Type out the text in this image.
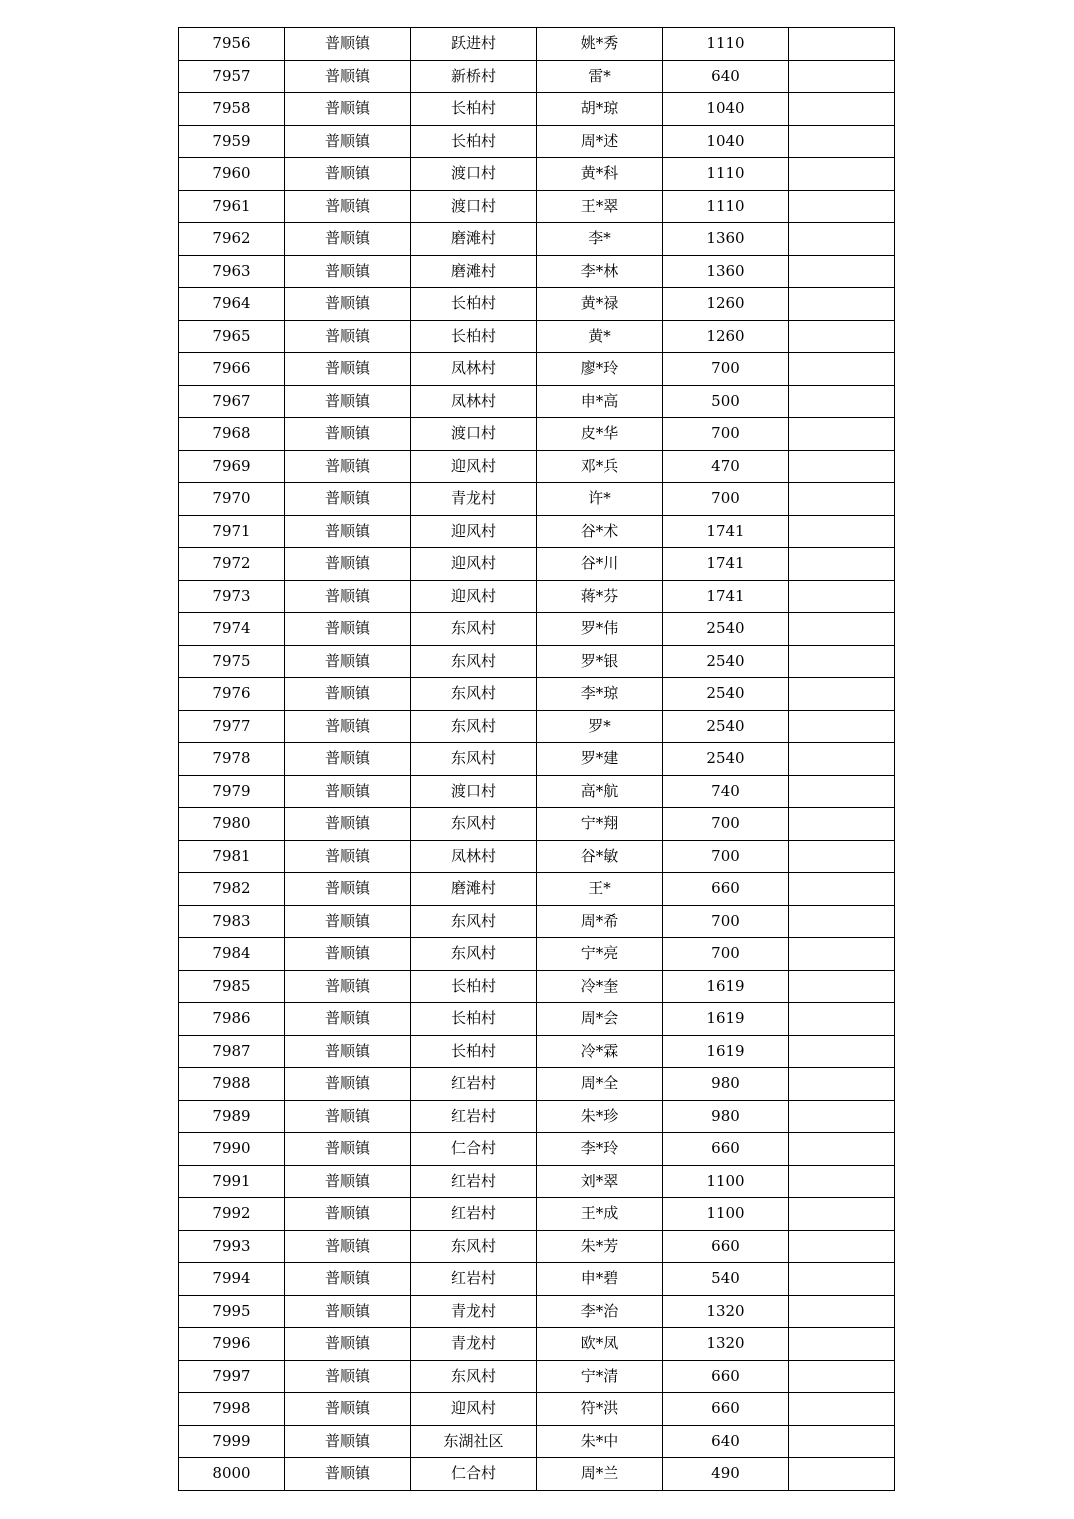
7956	普顺镇	跃进村	姚*秀	1110	
7957	普顺镇	新桥村	雷*	640	
7958	普顺镇	长柏村	胡*琼	1040	
7959	普顺镇	长柏村	周*述	1040	
7960	普顺镇	渡口村	黄*科	1110	
7961	普顺镇	渡口村	王*翠	1110	
7962	普顺镇	磨滩村	李*	1360	
7963	普顺镇	磨滩村	李*林	1360	
7964	普顺镇	长柏村	黄*禄	1260	
7965	普顺镇	长柏村	黄*	1260	
7966	普顺镇	凤林村	廖*玲	700	
7967	普顺镇	凤林村	申*高	500	
7968	普顺镇	渡口村	皮*华	700	
7969	普顺镇	迎风村	邓*兵	470	
7970	普顺镇	青龙村	许*	700	
7971	普顺镇	迎风村	谷*术	1741	
7972	普顺镇	迎风村	谷*川	1741	
7973	普顺镇	迎风村	蒋*芬	1741	
7974	普顺镇	东风村	罗*伟	2540	
7975	普顺镇	东风村	罗*银	2540	
7976	普顺镇	东风村	李*琼	2540	
7977	普顺镇	东风村	罗*	2540	
7978	普顺镇	东风村	罗*建	2540	
7979	普顺镇	渡口村	高*航	740	
7980	普顺镇	东风村	宁*翔	700	
7981	普顺镇	凤林村	谷*敏	700	
7982	普顺镇	磨滩村	王*	660	
7983	普顺镇	东风村	周*希	700	
7984	普顺镇	东风村	宁*亮	700	
7985	普顺镇	长柏村	冷*奎	1619	
7986	普顺镇	长柏村	周*会	1619	
7987	普顺镇	长柏村	冷*霖	1619	
7988	普顺镇	红岩村	周*全	980	
7989	普顺镇	红岩村	朱*珍	980	
7990	普顺镇	仁合村	李*玲	660	
7991	普顺镇	红岩村	刘*翠	1100	
7992	普顺镇	红岩村	王*成	1100	
7993	普顺镇	东风村	朱*芳	660	
7994	普顺镇	红岩村	申*碧	540	
7995	普顺镇	青龙村	李*治	1320	
7996	普顺镇	青龙村	欧*凤	1320	
7997	普顺镇	东风村	宁*清	660	
7998	普顺镇	迎风村	符*洪	660	
7999	普顺镇	东湖社区	朱*中	640	
8000	普顺镇	仁合村	周*兰	490	
